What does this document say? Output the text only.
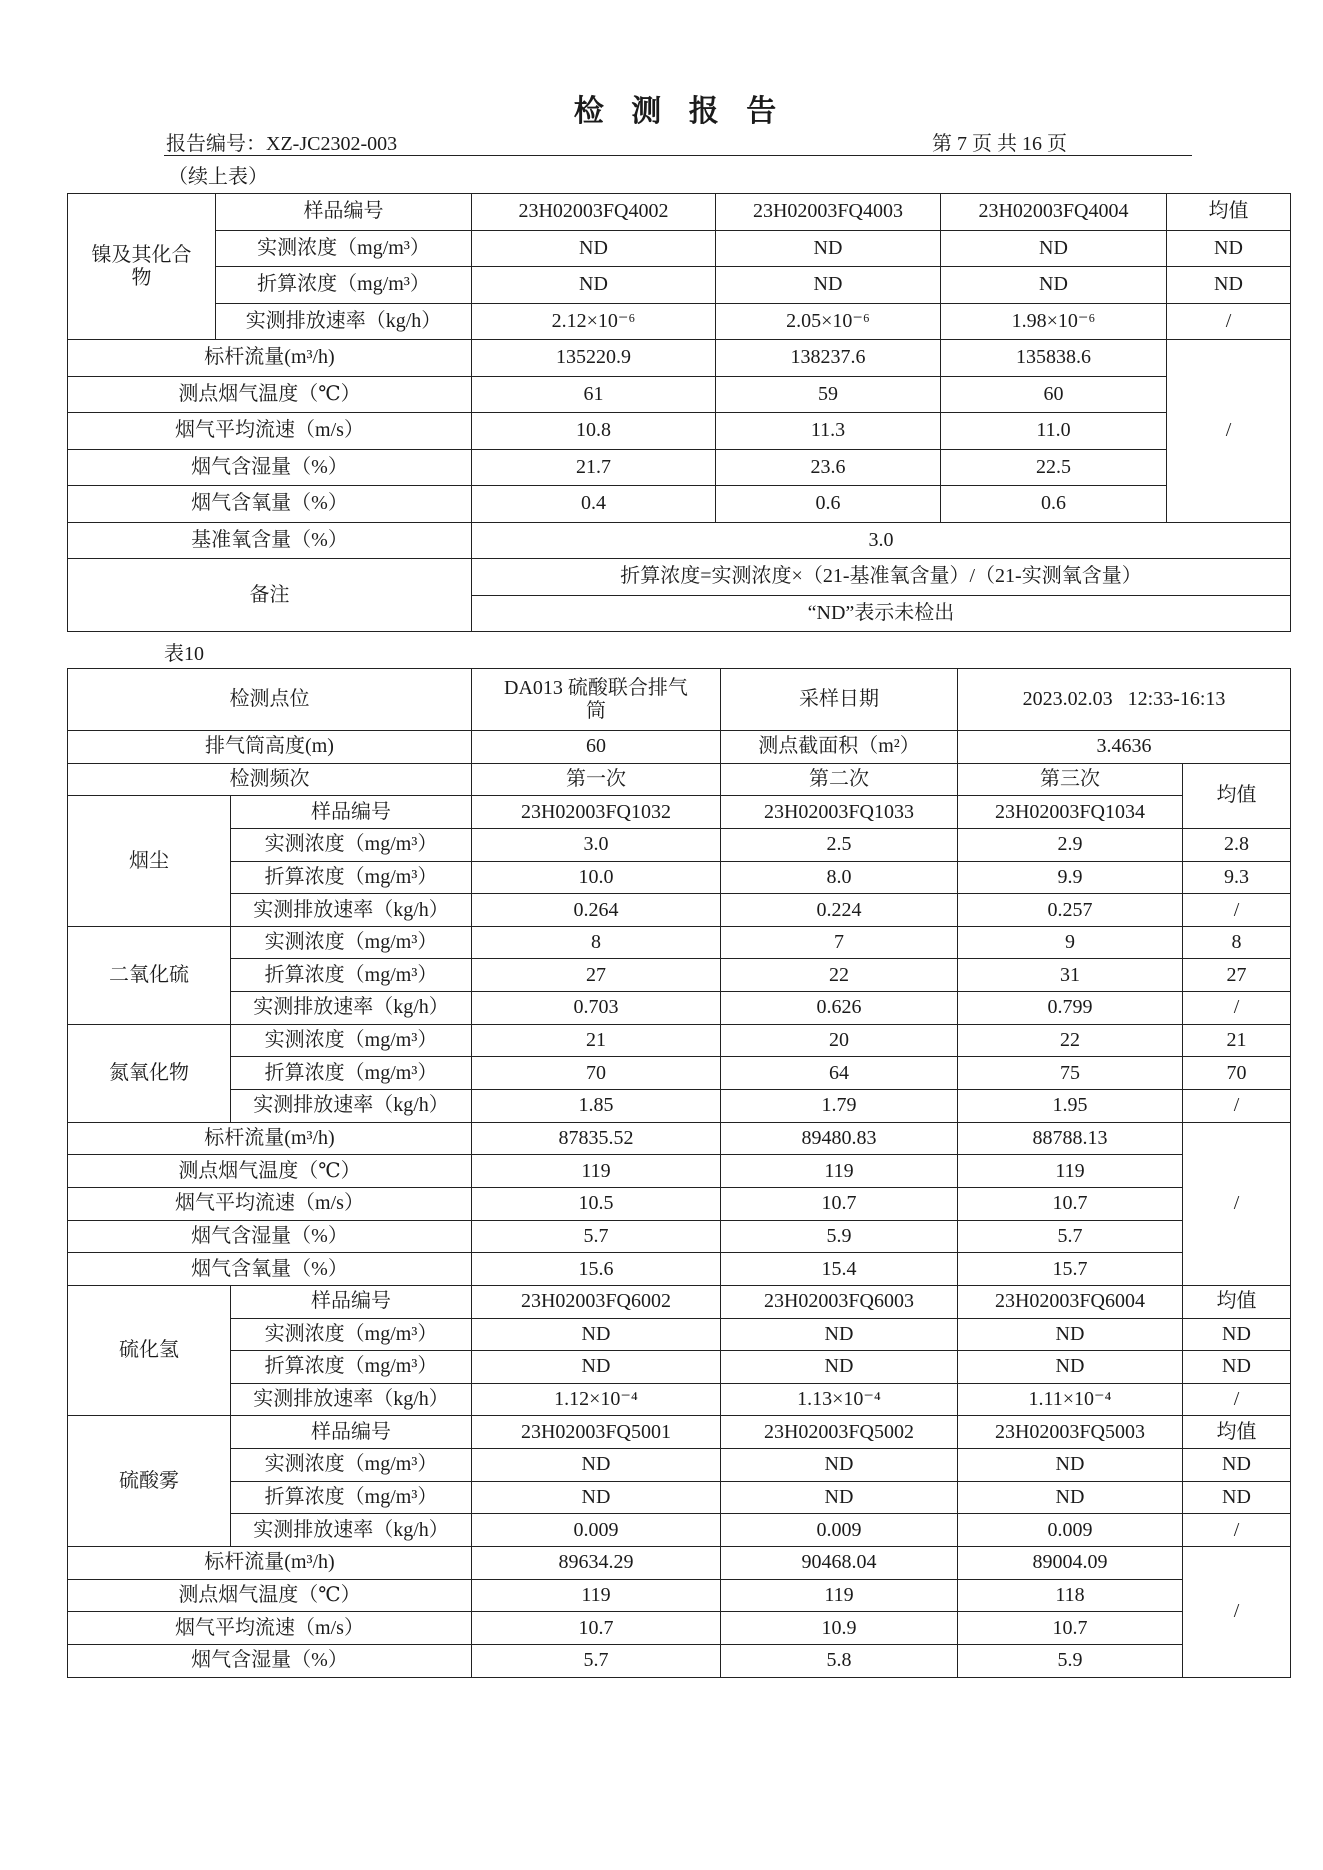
检 测 报 告
报告编号：XZ-JC2302-003	第 7 页 共 16 页
（续上表）
镍及其化合物	样品编号	23H02003FQ4002	23H02003FQ4003	23H02003FQ4004	均值
	实测浓度（mg/m³）	ND	ND	ND	ND
	折算浓度（mg/m³）	ND	ND	ND	ND
	实测排放速率（kg/h）	2.12×10⁻⁶	2.05×10⁻⁶	1.98×10⁻⁶	/
标杆流量(m³/h)		135220.9	138237.6	135838.6	/
测点烟气温度（℃）		61	59	60	
烟气平均流速（m/s）		10.8	11.3	11.0	
烟气含湿量（%）		21.7	23.6	22.5	
烟气含氧量（%）		0.4	0.6	0.6	
基准氧含量（%）		3.0			
备注		折算浓度=实测浓度×（21-基准氧含量）/（21-实测氧含量）			
		“ND”表示未检出			
表10
检测点位		DA013 硫酸联合排气筒	采样日期	2023.02.03   12:33-16:13	
排气筒高度(m)		60	测点截面积（m²）	3.4636	
检测频次		第一次	第二次	第三次	均值
烟尘	样品编号	23H02003FQ1032	23H02003FQ1033	23H02003FQ1034	
	实测浓度（mg/m³）	3.0	2.5	2.9	2.8
	折算浓度（mg/m³）	10.0	8.0	9.9	9.3
	实测排放速率（kg/h）	0.264	0.224	0.257	/
二氧化硫	实测浓度（mg/m³）	8	7	9	8
	折算浓度（mg/m³）	27	22	31	27
	实测排放速率（kg/h）	0.703	0.626	0.799	/
氮氧化物	实测浓度（mg/m³）	21	20	22	21
	折算浓度（mg/m³）	70	64	75	70
	实测排放速率（kg/h）	1.85	1.79	1.95	/
标杆流量(m³/h)		87835.52	89480.83	88788.13	/
测点烟气温度（℃）		119	119	119	
烟气平均流速（m/s）		10.5	10.7	10.7	
烟气含湿量（%）		5.7	5.9	5.7	
烟气含氧量（%）		15.6	15.4	15.7	
硫化氢	样品编号	23H02003FQ6002	23H02003FQ6003	23H02003FQ6004	均值
	实测浓度（mg/m³）	ND	ND	ND	ND
	折算浓度（mg/m³）	ND	ND	ND	ND
	实测排放速率（kg/h）	1.12×10⁻⁴	1.13×10⁻⁴	1.11×10⁻⁴	/
硫酸雾	样品编号	23H02003FQ5001	23H02003FQ5002	23H02003FQ5003	均值
	实测浓度（mg/m³）	ND	ND	ND	ND
	折算浓度（mg/m³）	ND	ND	ND	ND
	实测排放速率（kg/h）	0.009	0.009	0.009	/
标杆流量(m³/h)		89634.29	90468.04	89004.09	/
测点烟气温度（℃）		119	119	118	
烟气平均流速（m/s）		10.7	10.9	10.7	
烟气含湿量（%）		5.7	5.8	5.9	
